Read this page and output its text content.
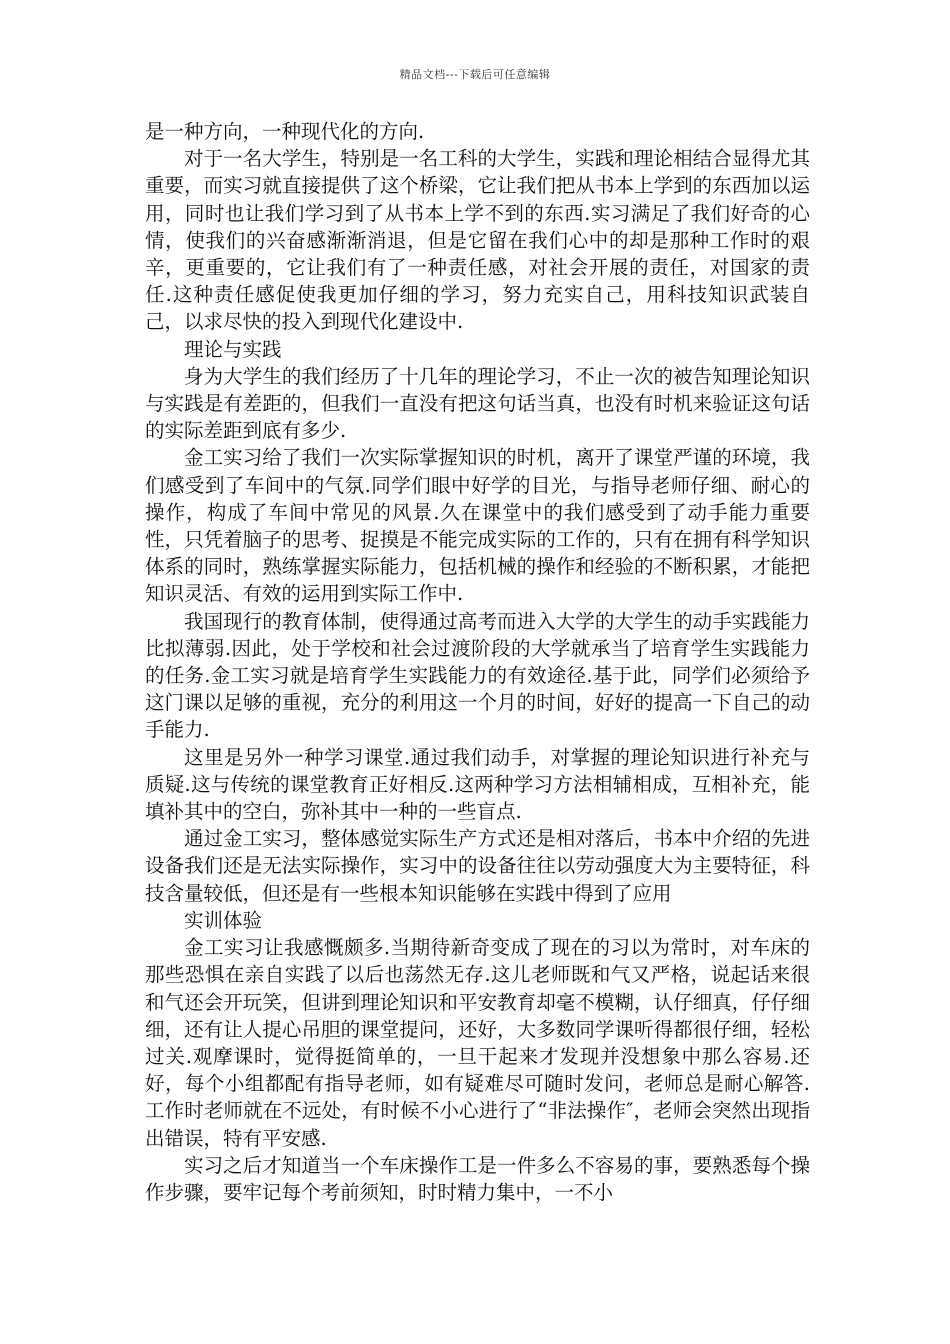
精品文档---下载后可任意编辑

是一种方向，一种现代化的方向.

对于一名大学生，特别是一名工科的大学生，实践和理论相结合显得尤其重要，而实习就直接提供了这个桥梁，它让我们把从书本上学到的东西加以运用，同时也让我们学习到了从书本上学不到的东西.实习满足了我们好奇的心情，使我们的兴奋感渐渐消退，但是它留在我们心中的却是那种工作时的艰辛，更重要的，它让我们有了一种责任感，对社会开展的责任，对国家的责任.这种责任感促使我更加仔细的学习，努力充实自己，用科技知识武装自己，以求尽快的投入到现代化建设中.

理论与实践

身为大学生的我们经历了十几年的理论学习，不止一次的被告知理论知识与实践是有差距的，但我们一直没有把这句话当真，也没有时机来验证这句话的实际差距到底有多少.

金工实习给了我们一次实际掌握知识的时机，离开了课堂严谨的环境，我们感受到了车间中的气氛.同学们眼中好学的目光，与指导老师仔细、耐心的操作，构成了车间中常见的风景.久在课堂中的我们感受到了动手能力重要性，只凭着脑子的思考、捉摸是不能完成实际的工作的，只有在拥有科学知识体系的同时，熟练掌握实际能力，包括机械的操作和经验的不断积累，才能把知识灵活、有效的运用到实际工作中.

我国现行的教育体制，使得通过高考而进入大学的大学生的动手实践能力比拟薄弱.因此，处于学校和社会过渡阶段的大学就承当了培育学生实践能力的任务.金工实习就是培育学生实践能力的有效途径.基于此，同学们必须给予这门课以足够的重视，充分的利用这一个月的时间，好好的提高一下自己的动手能力.

这里是另外一种学习课堂.通过我们动手，对掌握的理论知识进行补充与质疑.这与传统的课堂教育正好相反.这两种学习方法相辅相成，互相补充，能填补其中的空白，弥补其中一种的一些盲点.

通过金工实习，整体感觉实际生产方式还是相对落后，书本中介绍的先进设备我们还是无法实际操作，实习中的设备往往以劳动强度大为主要特征，科技含量较低，但还是有一些根本知识能够在实践中得到了应用

实训体验

金工实习让我感慨颇多.当期待新奇变成了现在的习以为常时，对车床的那些恐惧在亲自实践了以后也荡然无存.这儿老师既和气又严格，说起话来很和气还会开玩笑，但讲到理论知识和平安教育却毫不模糊，认仔细真，仔仔细细，还有让人提心吊胆的课堂提问，还好，大多数同学课听得都很仔细，轻松过关.观摩课时，觉得挺简单的，一旦干起来才发现并没想象中那么容易.还好，每个小组都配有指导老师，如有疑难尽可随时发问，老师总是耐心解答.工作时老师就在不远处，有时候不小心进行了“非法操作″，老师会突然出现指出错误，特有平安感.

实习之后才知道当一个车床操作工是一件多么不容易的事，要熟悉每个操作步骤，要牢记每个考前须知，时时精力集中，一不小
